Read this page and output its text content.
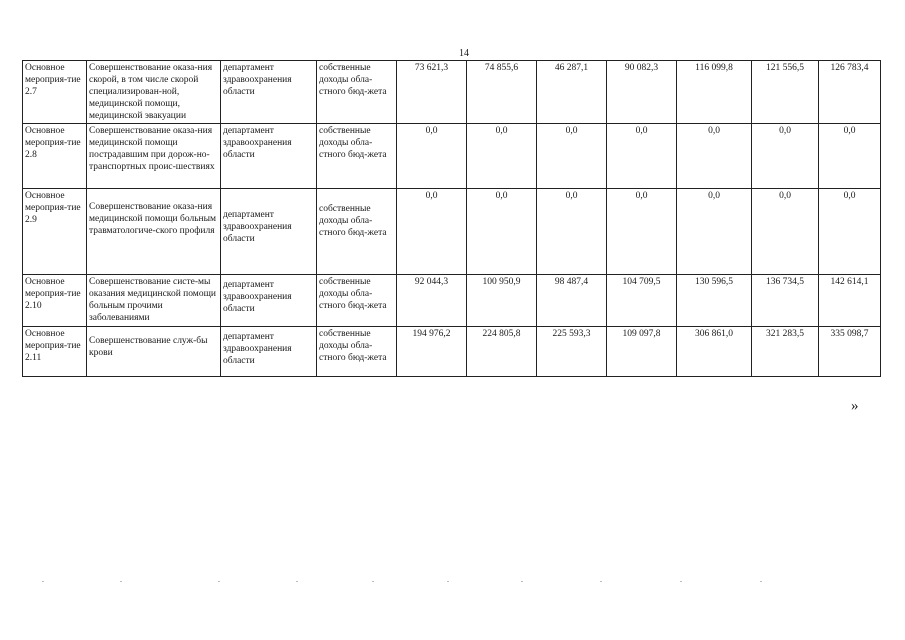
14
Основное мероприя-тие 2.7	Совершенствование оказа-ния скорой, в том числе скорой специализирован-ной, медицинской помощи, медицинской эвакуации	департамент здравоохранения области	собственные доходы обла-стного бюд-жета	73 621,3	74 855,6	46 287,1	90 082,3	116 099,8	121 556,5	126 783,4
Основное мероприя-тие 2.8	Совершенствование оказа-ния медицинской помощи пострадавшим при дорож-но-транспортных проис-шествиях	департамент здравоохранения области	собственные доходы обла-стного бюд-жета	0,0	0,0	0,0	0,0	0,0	0,0	0,0
Основное мероприя-тие 2.9	Совершенствование оказа-ния медицинской помощи больным травматологиче-ского профиля	департамент здравоохранения области	собственные доходы обла-стного бюд-жета	0,0	0,0	0,0	0,0	0,0	0,0	0,0
Основное мероприя-тие 2.10	Совершенствование систе-мы оказания медицинской помощи больным прочими заболеваниями	департамент здравоохранения области	собственные доходы обла-стного бюд-жета	92 044,3	100 950,9	98 487,4	104 709,5	130 596,5	136 734,5	142 614,1
Основное мероприя-тие 2.11	Совершенствование служ-бы крови	департамент здравоохранения области	собственные доходы обла-стного бюд-жета	194 976,2	224 805,8	225 593,3	109 097,8	306 861,0	321 283,5	335 098,7
»
